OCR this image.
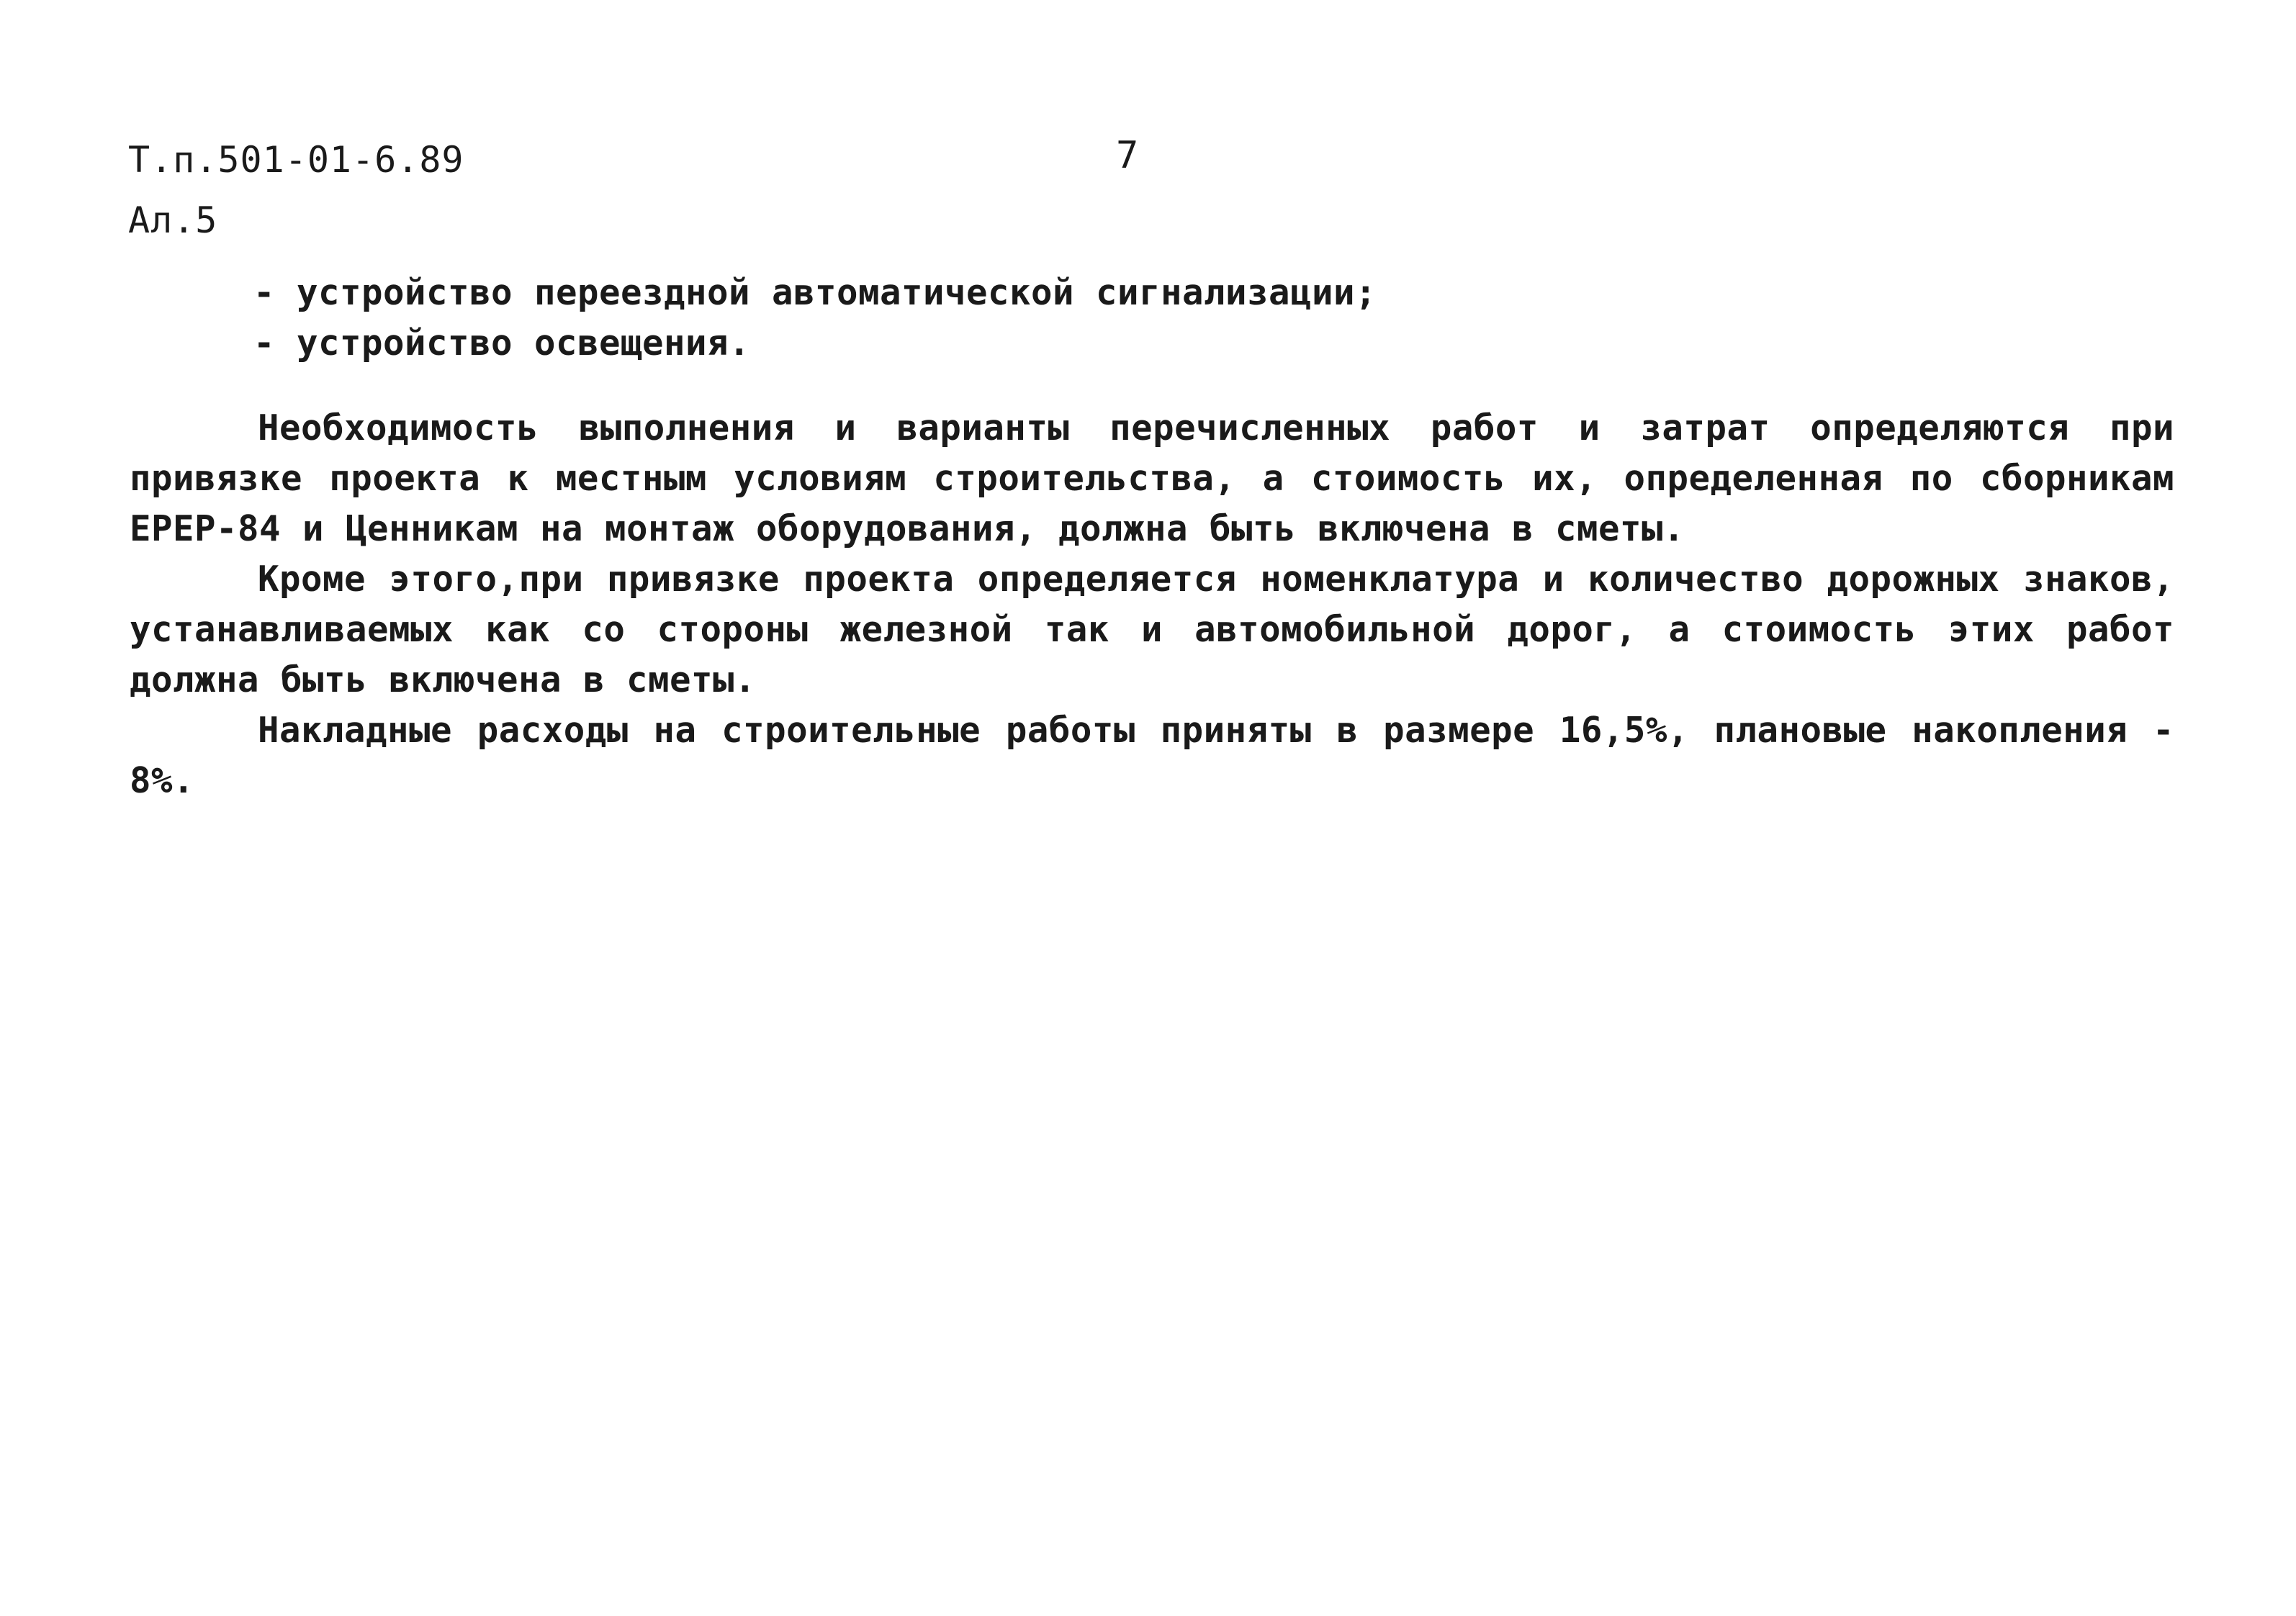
Т.п.501-01-6.89
Ал.5
7
- устройство переездной автоматической сигнализации;
- устройство освещения.

Необходимость выполнения и варианты перечисленных работ и затрат определяются при привязке проекта к местным условиям строительства, а стоимость их, определенная по сборникам ЕРЕР-84 и Ценникам на монтаж оборудования, должна быть включена в сметы.

Кроме этого,при привязке проекта определяется номенклатура и количество дорожных знаков, устанавливаемых как со стороны железной так и автомобильной дорог, а стоимость этих работ должна быть включена в сметы.

Накладные расходы на строительные работы приняты в размере 16,5%, плановые накопления - 8%.
